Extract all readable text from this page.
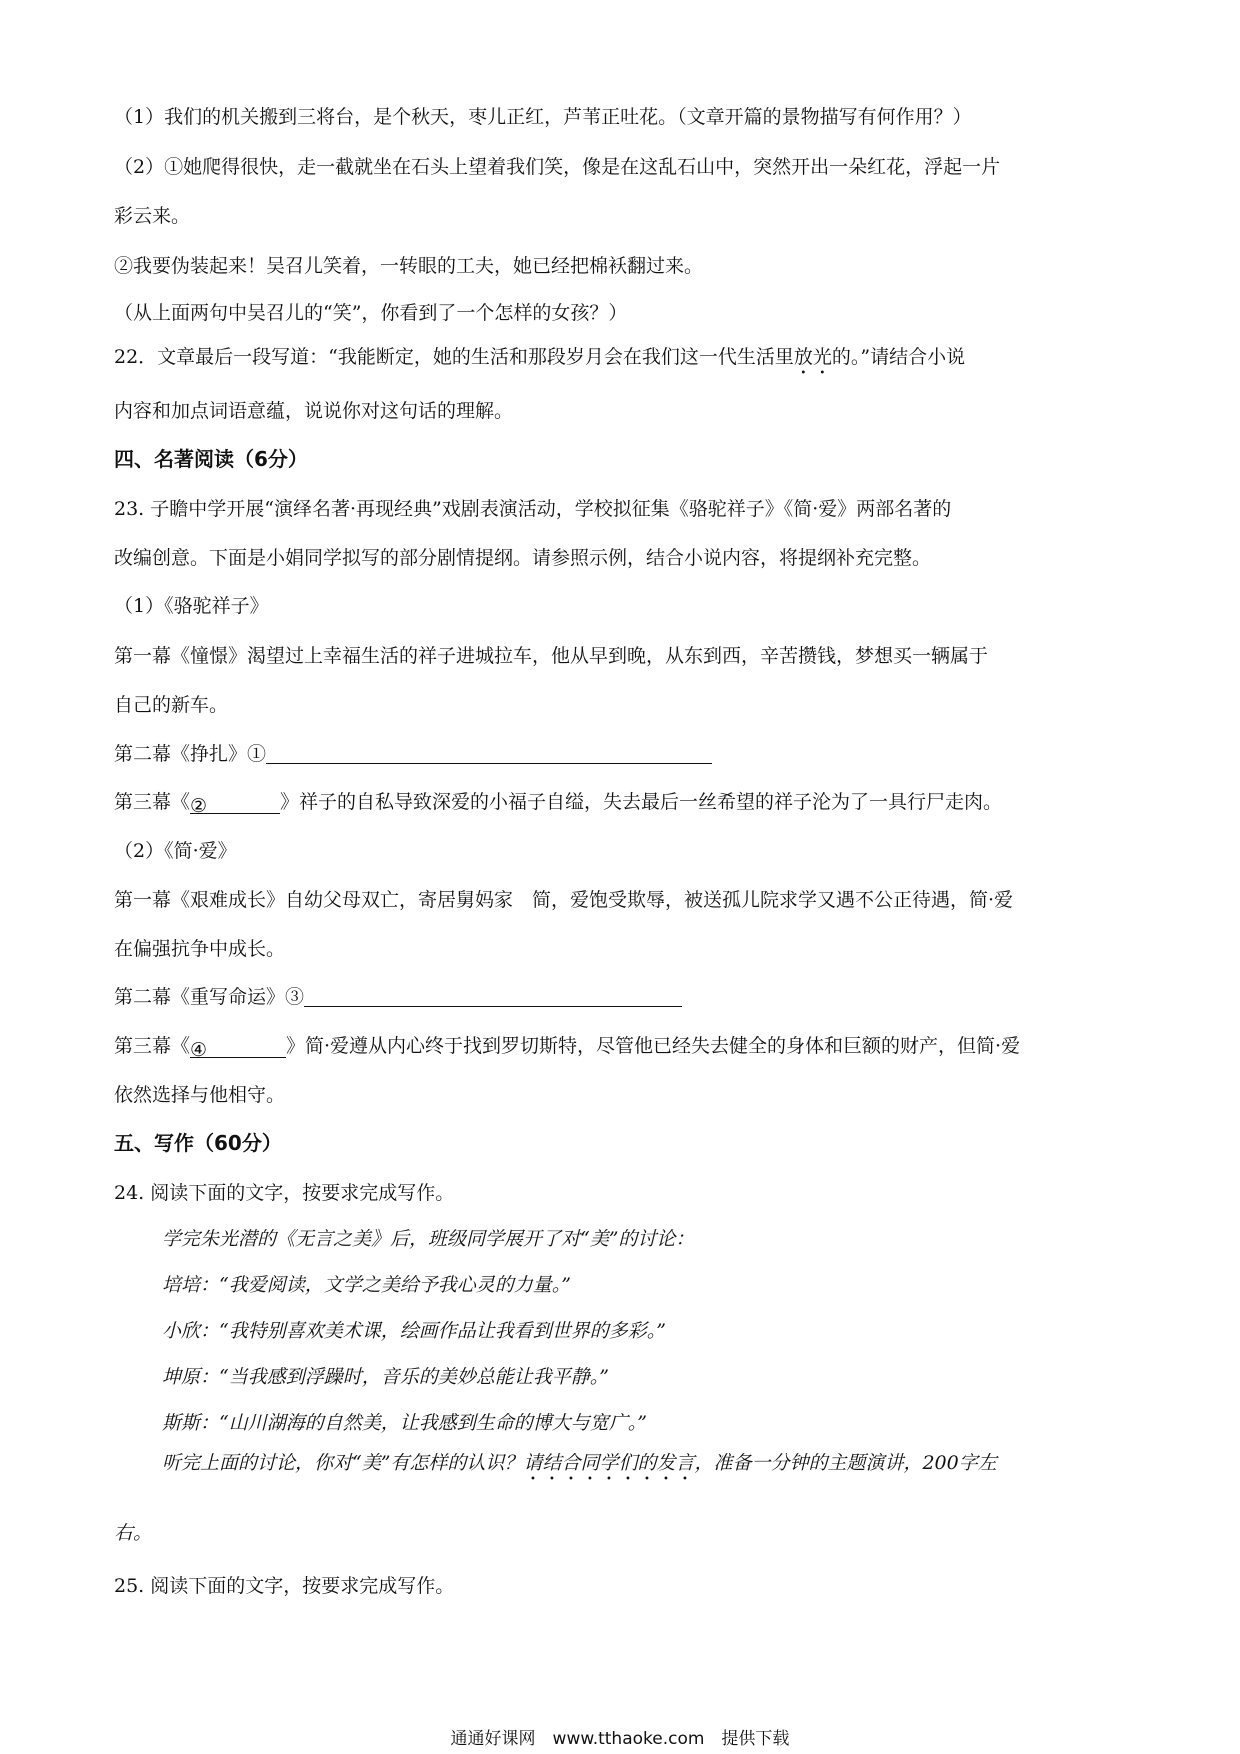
（1）我们的机关搬到三将台，是个秋天，枣儿正红，芦苇正吐花。（文章开篇的景物描写有何作用？）
（2）①她爬得很快，走一截就坐在石头上望着我们笑，像是在这乱石山中，突然开出一朵红花，浮起一片
彩云来。
②我要伪装起来！吴召儿笑着，一转眼的工夫，她已经把棉袄翻过来。
（从上面两句中吴召儿的“笑”，你看到了一个怎样的女孩？）
22．文章最后一段写道：“我能断定，她的生活和那段岁月会在我们这一代生活里放光的。”请结合小说
内容和加点词语意蕴，说说你对这句话的理解。
四、名著阅读（6分）
23. 子瞻中学开展“演绎名著·再现经典”戏剧表演活动，学校拟征集《骆驼祥子》《简·爱》两部名著的
改编创意。下面是小娟同学拟写的部分剧情提纲。请参照示例，结合小说内容，将提纲补充完整。
（1）《骆驼祥子》
第一幕《憧憬》渴望过上幸福生活的祥子进城拉车，他从早到晚，从东到西，辛苦攒钱，梦想买一辆属于
自己的新车。
第二幕《挣扎》①
第三幕《②	》祥子的自私导致深爱的小福子自缢，失去最后一丝希望的祥子沦为了一具行尸走肉。
（2）《简·爱》
第一幕《艰难成长》自幼父母双亡，寄居舅妈家　简，爱饱受欺辱，被送孤儿院求学又遇不公正待遇，简·爱
在偏强抗争中成长。
第二幕《重写命运》③
第三幕《④	》简·爱遵从内心终于找到罗切斯特，尽管他已经失去健全的身体和巨额的财产，但简·爱
依然选择与他相守。
五、写作（60分）
24. 阅读下面的文字，按要求完成写作。
学完朱光潜的《无言之美》后，班级同学展开了对“美”的讨论：
培培：“我爱阅读，文学之美给予我心灵的力量。”
小欣：“我特别喜欢美术课，绘画作品让我看到世界的多彩。”
坤原：“当我感到浮躁时，音乐的美妙总能让我平静。”
斯斯：“山川湖海的自然美，让我感到生命的博大与宽广。”
听完上面的讨论，你对“美”有怎样的认识？请结合同学们的发言，准备一分钟的主题演讲，200字左
右。
25. 阅读下面的文字，按要求完成写作。
通通好课网　www.tthaoke.com　提供下载
